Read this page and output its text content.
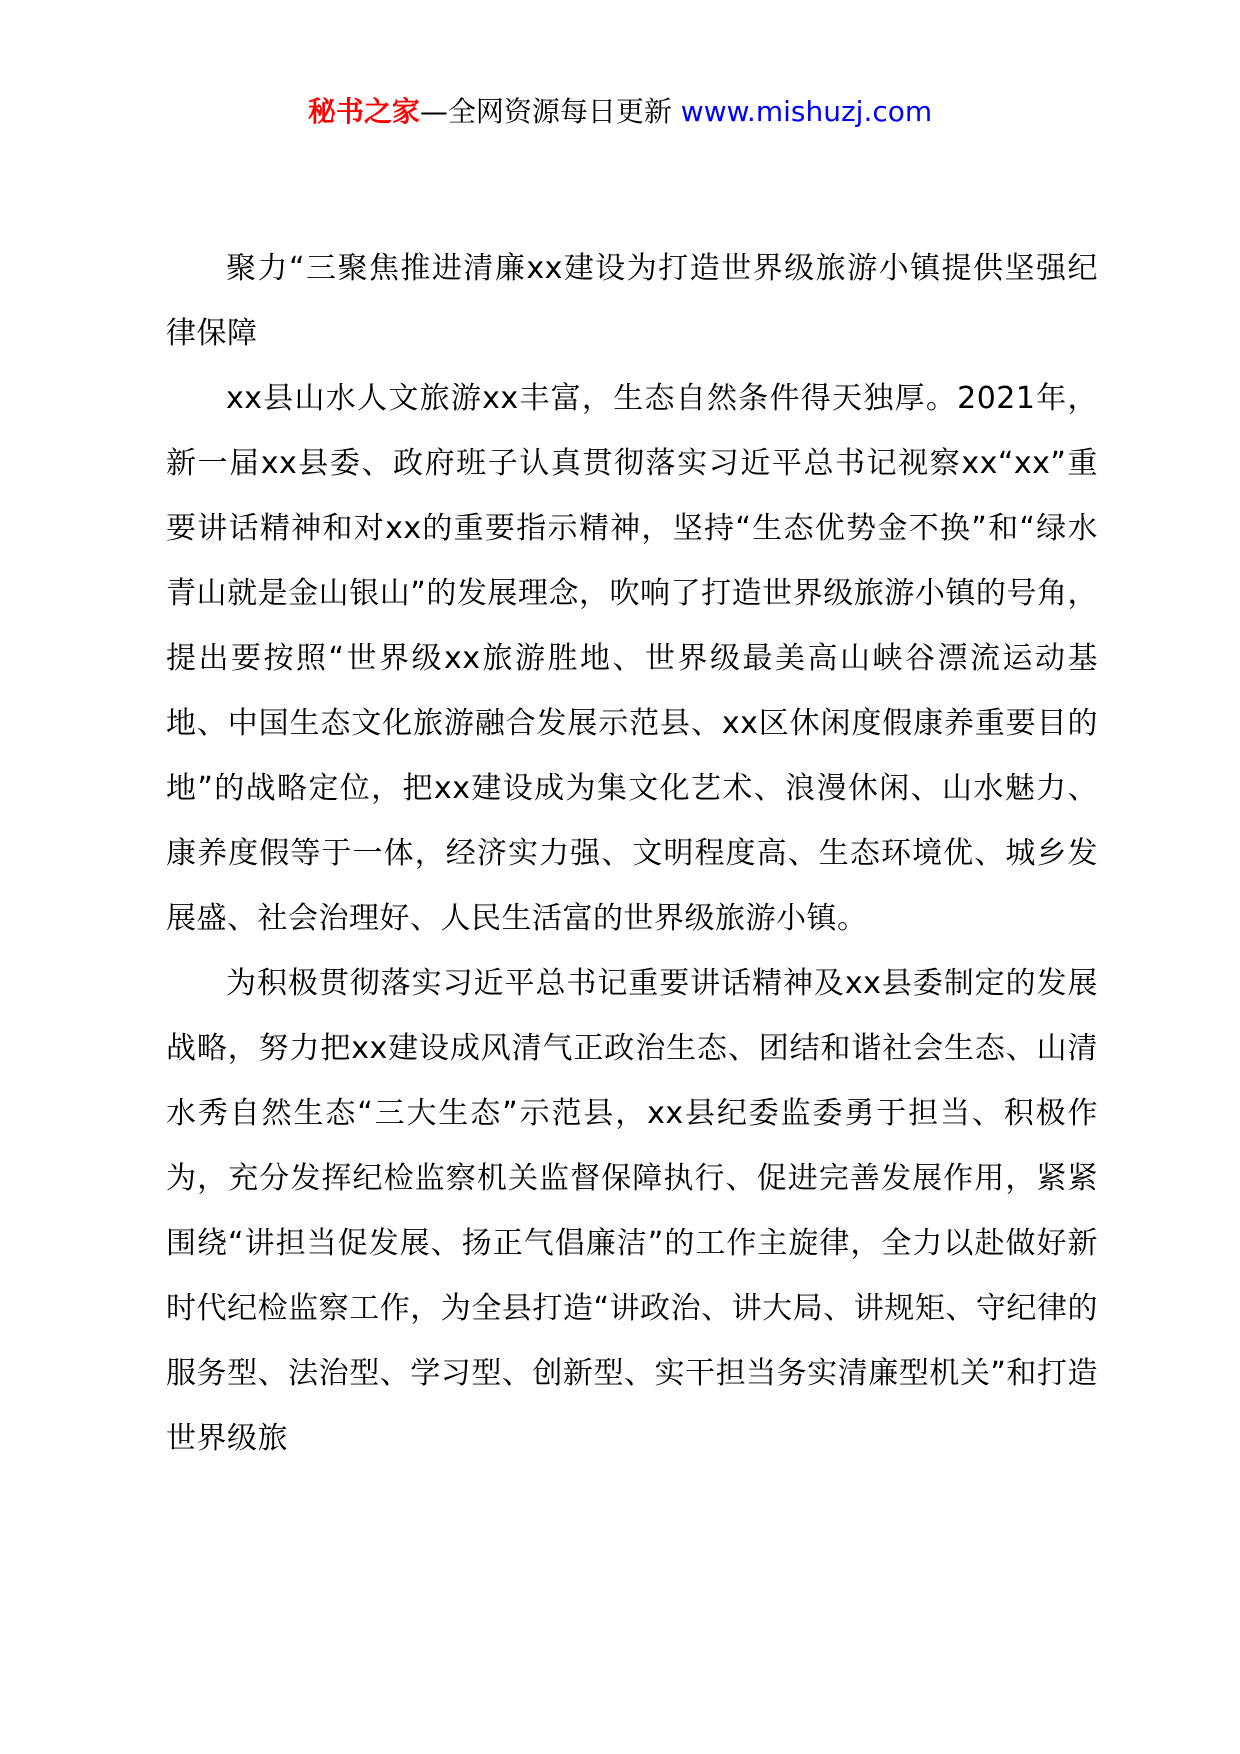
秘书之家—全网资源每日更新 www.mishuzj.com

聚力“三聚焦推进清廉xx建设为打造世界级旅游小镇提供坚强纪律保障

xx县山水人文旅游xx丰富，生态自然条件得天独厚。2021年，新一届xx县委、政府班子认真贯彻落实习近平总书记视察xx“xx”重要讲话精神和对xx的重要指示精神，坚持“生态优势金不换”和“绿水青山就是金山银山”的发展理念，吹响了打造世界级旅游小镇的号角，提出要按照“世界级xx旅游胜地、世界级最美高山峡谷漂流运动基地、中国生态文化旅游融合发展示范县、xx区休闲度假康养重要目的地”的战略定位，把xx建设成为集文化艺术、浪漫休闲、山水魅力、康养度假等于一体，经济实力强、文明程度高、生态环境优、城乡发展盛、社会治理好、人民生活富的世界级旅游小镇。

为积极贯彻落实习近平总书记重要讲话精神及xx县委制定的发展战略，努力把xx建设成风清气正政治生态、团结和谐社会生态、山清水秀自然生态“三大生态”示范县，xx县纪委监委勇于担当、积极作为，充分发挥纪检监察机关监督保障执行、促进完善发展作用，紧紧围绕“讲担当促发展、扬正气倡廉洁”的工作主旋律，全力以赴做好新时代纪检监察工作，为全县打造“讲政治、讲大局、讲规矩、守纪律的服务型、法治型、学习型、创新型、实干担当务实清廉型机关”和打造世界级旅
